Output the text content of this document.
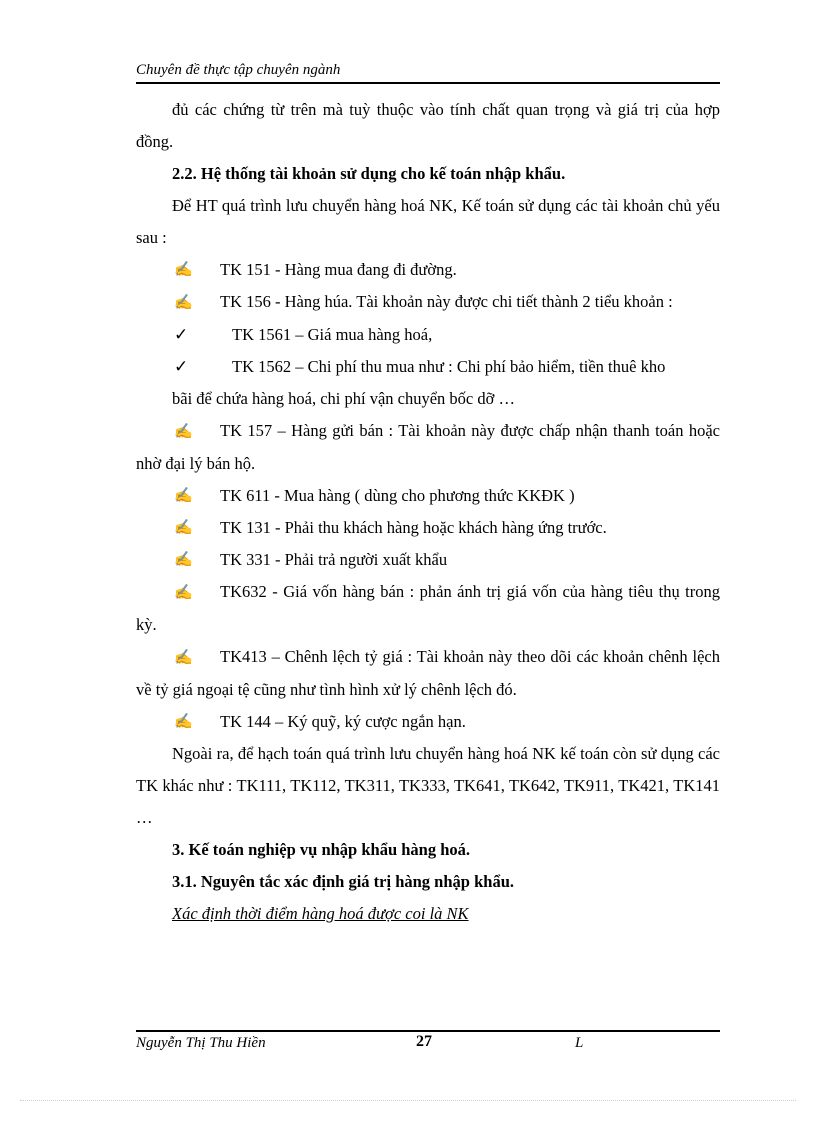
Chuyên đề thực tập chuyên ngành

đủ các chứng từ trên mà tuỳ thuộc vào tính chất quan trọng và giá trị của hợp đồng.

2.2. Hệ thống tài khoản sử dụng cho kế toán nhập khẩu.

Để HT quá trình lưu chuyển hàng hoá NK, Kế toán sử dụng các tài khoản chủ yếu sau :

✍	TK 151 - Hàng mua đang đi đường.

✍ TK 156 - Hàng húa. Tài khoản này được chi tiết thành 2 tiểu khoản :

✓	TK 1561 – Giá mua hàng hoá,

✓	TK 1562 – Chi phí thu mua như : Chi phí bảo hiểm, tiền thuê kho

bãi để chứa hàng hoá, chi phí vận chuyển bốc dỡ …

✍ TK 157 – Hàng gửi bán : Tài khoản này được chấp nhận thanh toán hoặc nhờ đại lý bán hộ.

✍	TK 611 - Mua hàng ( dùng cho phương thức KKĐK )
✍	TK 131 - Phải thu khách hàng hoặc khách hàng ứng trước.
✍	TK 331 - Phải trả người xuất khẩu

✍ TK632 - Giá vốn hàng bán : phản ánh trị giá vốn của hàng tiêu thụ trong kỳ.

✍ TK413 – Chênh lệch tỷ giá : Tài khoản này theo dõi các khoản chênh lệch về tỷ giá ngoại tệ cũng như tình hình xử lý chênh lệch đó.

✍	TK 144 – Ký quỹ, ký cược ngắn hạn.

Ngoài ra, để hạch toán quá trình lưu chuyển hàng hoá NK kế toán còn sử dụng các TK khác như : TK111, TK112, TK311, TK333, TK641, TK642, TK911, TK421, TK141 …

3. Kế toán nghiệp vụ nhập khẩu hàng hoá.

3.1. Nguyên tắc xác định giá trị hàng nhập khẩu.

Xác định thời điểm hàng hoá được coi là NK

Nguyễn Thị Thu Hiền	27	L
